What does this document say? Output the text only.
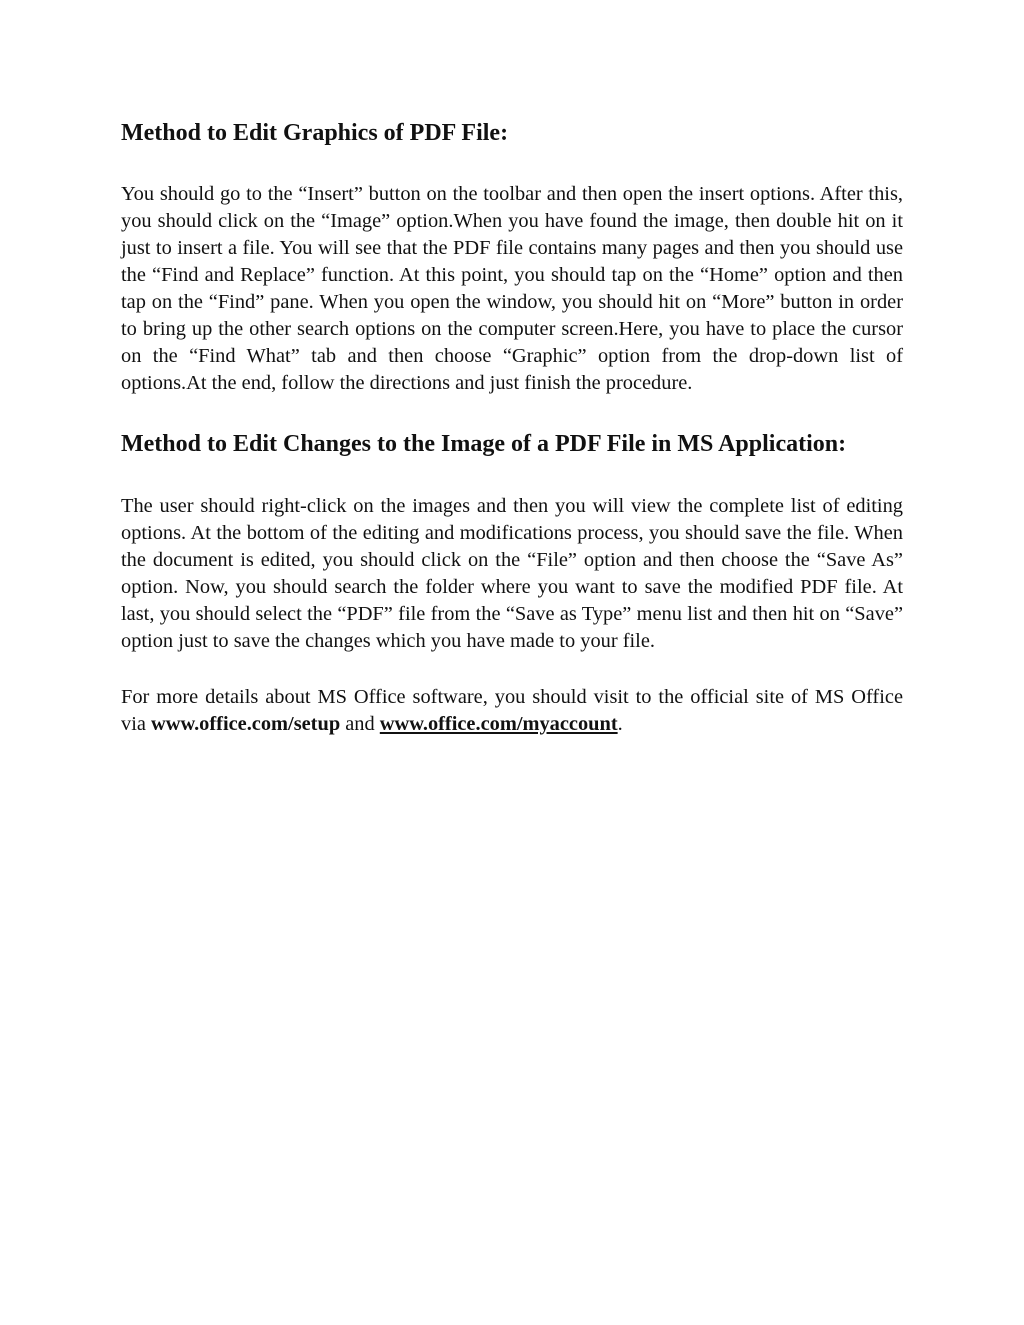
Method to Edit Graphics of PDF File:

You should go to the “Insert” button on the toolbar and then open the insert options. After this, you should click on the “Image” option.When you have found the image, then double hit on it just to insert a file. You will see that the PDF file contains many pages and then you should use the “Find and Replace” function. At this point, you should tap on the “Home” option and then tap on the “Find” pane. When you open the window, you should hit on “More” button in order to bring up the other search options on the computer screen.Here, you have to place the cursor on the “Find What” tab and then choose “Graphic” option from the drop-down list of options.At the end, follow the directions and just finish the procedure.

Method to Edit Changes to the Image of a PDF File in MS Application:

The user should right-click on the images and then you will view the complete list of editing options. At the bottom of the editing and modifications process, you should save the file. When the document is edited, you should click on the “File” option and then choose the “Save As” option. Now, you should search the folder where you want to save the modified PDF file. At last, you should select the “PDF” file from the “Save as Type” menu list and then hit on “Save” option just to save the changes which you have made to your file.

For more details about MS Office software, you should visit to the official site of MS Office via www.office.com/setup and www.office.com/myaccount.
